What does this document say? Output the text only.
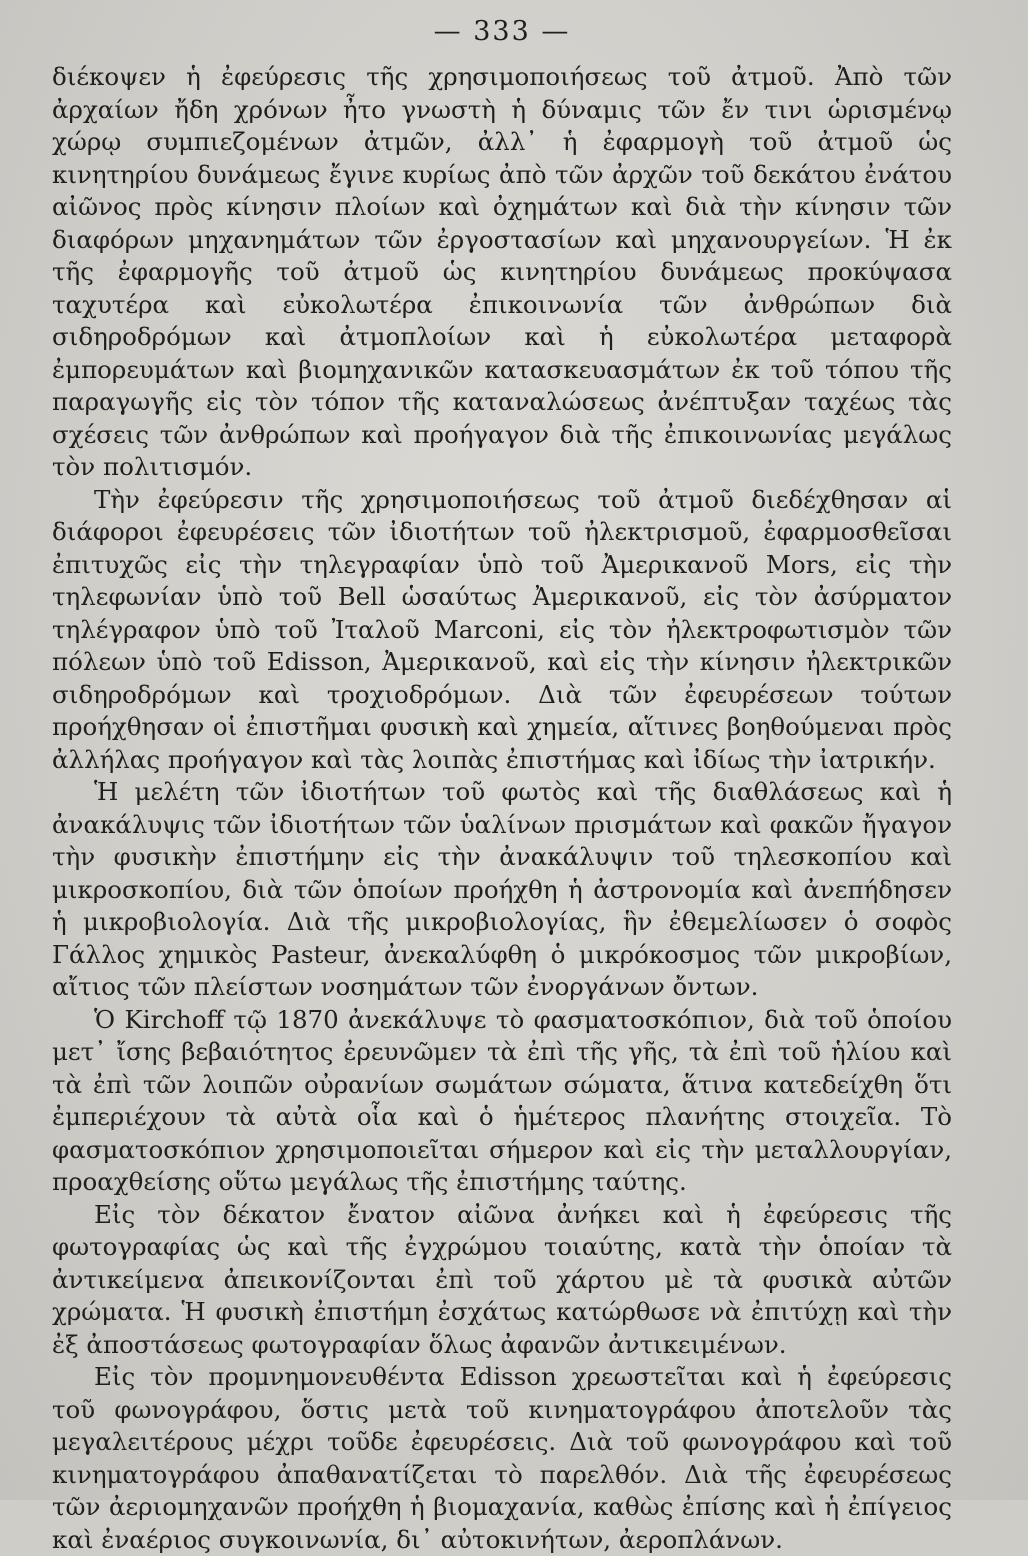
— 333 —

διέκοψεν ἡ ἐφεύρεσις τῆς χρησιμοποιήσεως τοῦ ἀτμοῦ. Ἀπὸ τῶν ἀρχαίων ἤδη χρόνων ἦτο γνωστὴ ἡ δύναμις τῶν ἔν τινι ὡρισμένῳ χώρῳ συμπιεζομένων ἀτμῶν, ἀλλ᾽ ἡ ἐφαρμογὴ τοῦ ἀτμοῦ ὡς κινητηρίου δυνάμεως ἔγινε κυρίως ἀπὸ τῶν ἀρχῶν τοῦ δεκάτου ἐνάτου αἰῶνος πρὸς κίνησιν πλοίων καὶ ὀχημάτων καὶ διὰ τὴν κίνησιν τῶν διαφόρων μηχανημάτων τῶν ἐργοστασίων καὶ μηχανουργείων. Ἡ ἐκ τῆς ἐφαρμογῆς τοῦ ἀτμοῦ ὡς κινητηρίου δυνάμεως προκύψασα ταχυτέρα καὶ εὐκολωτέρα ἐπικοινωνία τῶν ἀνθρώπων διὰ σιδηροδρόμων καὶ ἀτμοπλοίων καὶ ἡ εὐκολωτέρα μεταφορὰ ἐμπορευμάτων καὶ βιομηχανικῶν κατασκευασμάτων ἐκ τοῦ τόπου τῆς παραγωγῆς εἰς τὸν τόπον τῆς καταναλώσεως ἀνέπτυξαν ταχέως τὰς σχέσεις τῶν ἀνθρώπων καὶ προήγαγον διὰ τῆς ἐπικοινωνίας μεγάλως τὸν πολιτισμόν.

Τὴν ἐφεύρεσιν τῆς χρησιμοποιήσεως τοῦ ἀτμοῦ διεδέχθησαν αἱ διάφοροι ἐφευρέσεις τῶν ἰδιοτήτων τοῦ ἠλεκτρισμοῦ, ἐφαρμοσθεῖσαι ἐπιτυχῶς εἰς τὴν τηλεγραφίαν ὑπὸ τοῦ Ἀμερικανοῦ Mors, εἰς τὴν τηλεφωνίαν ὑπὸ τοῦ Bell ὡσαύτως Ἀμερικανοῦ, εἰς τὸν ἀσύρματον τηλέγραφον ὑπὸ τοῦ Ἰταλοῦ Marconi, εἰς τὸν ἠλεκτροφωτισμὸν τῶν πόλεων ὑπὸ τοῦ Edisson, Ἀμερικανοῦ, καὶ εἰς τὴν κίνησιν ἠλεκτρικῶν σιδηροδρόμων καὶ τροχιοδρόμων. Διὰ τῶν ἐφευρέσεων τούτων προήχθησαν οἱ ἐπιστῆμαι φυσικὴ καὶ χημεία, αἵτινες βοηθούμεναι πρὸς ἀλλήλας προήγαγον καὶ τὰς λοιπὰς ἐπιστήμας καὶ ἰδίως τὴν ἰατρικήν.

Ἡ μελέτη τῶν ἰδιοτήτων τοῦ φωτὸς καὶ τῆς διαθλάσεως καὶ ἡ ἀνακάλυψις τῶν ἰδιοτήτων τῶν ὑαλίνων πρισμάτων καὶ φακῶν ἤγαγον τὴν φυσικὴν ἐπιστήμην εἰς τὴν ἀνακάλυψιν τοῦ τηλεσκοπίου καὶ μικροσκοπίου, διὰ τῶν ὁποίων προήχθη ἡ ἀστρονομία καὶ ἀνεπήδησεν ἡ μικροβιολογία. Διὰ τῆς μικροβιολογίας, ἣν ἐθεμελίωσεν ὁ σοφὸς Γάλλος χημικὸς Pasteur, ἀνεκαλύφθη ὁ μικρόκοσμος τῶν μικροβίων, αἴτιος τῶν πλείστων νοσημάτων τῶν ἐνοργάνων ὄντων.

Ὁ Kirchoff τῷ 1870 ἀνεκάλυψε τὸ φασματοσκόπιον, διὰ τοῦ ὁποίου μετ᾽ ἴσης βεβαιότητος ἐρευνῶμεν τὰ ἐπὶ τῆς γῆς, τὰ ἐπὶ τοῦ ἡλίου καὶ τὰ ἐπὶ τῶν λοιπῶν οὐρανίων σωμάτων σώματα, ἅτινα κατεδείχθη ὅτι ἐμπεριέχουν τὰ αὐτὰ οἷα καὶ ὁ ἡμέτερος πλανήτης στοιχεῖα. Τὸ φασματοσκόπιον χρησιμοποιεῖται σήμερον καὶ εἰς τὴν μεταλλουργίαν, προαχθείσης οὕτω μεγάλως τῆς ἐπιστήμης ταύτης.

Εἰς τὸν δέκατον ἔνατον αἰῶνα ἀνήκει καὶ ἡ ἐφεύρεσις τῆς φωτογραφίας ὡς καὶ τῆς ἐγχρώμου τοιαύτης, κατὰ τὴν ὁποίαν τὰ ἀντικείμενα ἀπεικονίζονται ἐπὶ τοῦ χάρτου μὲ τὰ φυσικὰ αὐτῶν χρώματα. Ἡ φυσικὴ ἐπιστήμη ἐσχάτως κατώρθωσε νὰ ἐπιτύχῃ καὶ τὴν ἐξ ἀποστάσεως φωτογραφίαν ὅλως ἀφανῶν ἀντικειμένων.

Εἰς τὸν προμνημονευθέντα Edisson χρεωστεῖται καὶ ἡ ἐφεύρεσις τοῦ φωνογράφου, ὅστις μετὰ τοῦ κινηματογράφου ἀποτελοῦν τὰς μεγαλειτέρους μέχρι τοῦδε ἐφευρέσεις. Διὰ τοῦ φωνογράφου καὶ τοῦ κινηματογράφου ἀπαθανατίζεται τὸ παρελθόν. Διὰ τῆς ἐφευρέσεως τῶν ἀεριομηχανῶν προήχθη ἡ βιομαχανία, καθὼς ἐπίσης καὶ ἡ ἐπίγειος καὶ ἐναέριος συγκοινωνία, δι᾽ αὐτοκινήτων, ἀεροπλάνων.
